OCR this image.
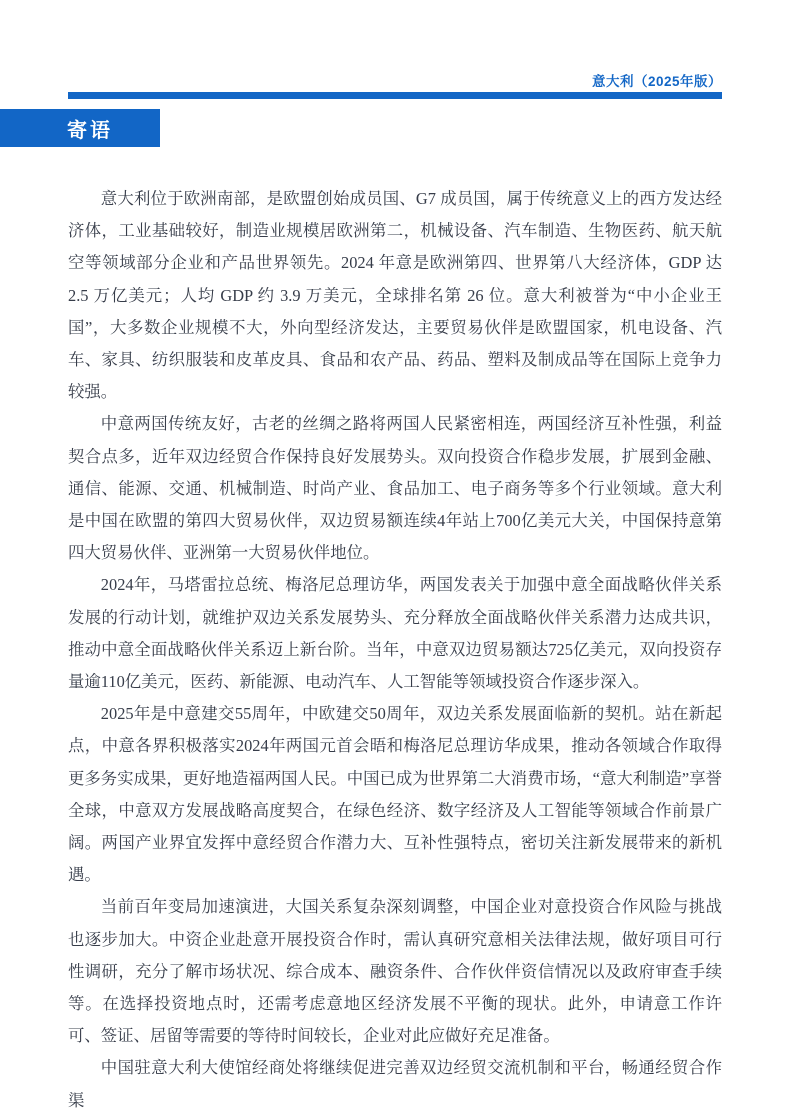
意大利（2025年版）
寄语

意大利位于欧洲南部，是欧盟创始成员国、G7 成员国，属于传统意义上的西方发达经济体，工业基础较好，制造业规模居欧洲第二，机械设备、汽车制造、生物医药、航天航空等领域部分企业和产品世界领先。2024 年意是欧洲第四、世界第八大经济体，GDP 达 2.5 万亿美元；人均 GDP 约 3.9 万美元，全球排名第 26 位。意大利被誉为“中小企业王国”，大多数企业规模不大，外向型经济发达，主要贸易伙伴是欧盟国家，机电设备、汽车、家具、纺织服装和皮革皮具、食品和农产品、药品、塑料及制成品等在国际上竞争力较强。

中意两国传统友好，古老的丝绸之路将两国人民紧密相连，两国经济互补性强，利益契合点多，近年双边经贸合作保持良好发展势头。双向投资合作稳步发展，扩展到金融、通信、能源、交通、机械制造、时尚产业、食品加工、电子商务等多个行业领域。意大利是中国在欧盟的第四大贸易伙伴，双边贸易额连续4年站上700亿美元大关，中国保持意第四大贸易伙伴、亚洲第一大贸易伙伴地位。

2024年，马塔雷拉总统、梅洛尼总理访华，两国发表关于加强中意全面战略伙伴关系发展的行动计划，就维护双边关系发展势头、充分释放全面战略伙伴关系潜力达成共识，推动中意全面战略伙伴关系迈上新台阶。当年，中意双边贸易额达725亿美元，双向投资存量逾110亿美元，医药、新能源、电动汽车、人工智能等领域投资合作逐步深入。

2025年是中意建交55周年，中欧建交50周年，双边关系发展面临新的契机。站在新起点，中意各界积极落实2024年两国元首会晤和梅洛尼总理访华成果，推动各领域合作取得更多务实成果，更好地造福两国人民。中国已成为世界第二大消费市场，“意大利制造”享誉全球，中意双方发展战略高度契合，在绿色经济、数字经济及人工智能等领域合作前景广阔。两国产业界宜发挥中意经贸合作潜力大、互补性强特点，密切关注新发展带来的新机遇。

当前百年变局加速演进，大国关系复杂深刻调整，中国企业对意投资合作风险与挑战也逐步加大。中资企业赴意开展投资合作时，需认真研究意相关法律法规，做好项目可行性调研，充分了解市场状况、综合成本、融资条件、合作伙伴资信情况以及政府审查手续等。在选择投资地点时，还需考虑意地区经济发展不平衡的现状。此外，申请意工作许可、签证、居留等需要的等待时间较长，企业对此应做好充足准备。

中国驻意大利大使馆经商处将继续促进完善双边经贸交流机制和平台，畅通经贸合作渠
